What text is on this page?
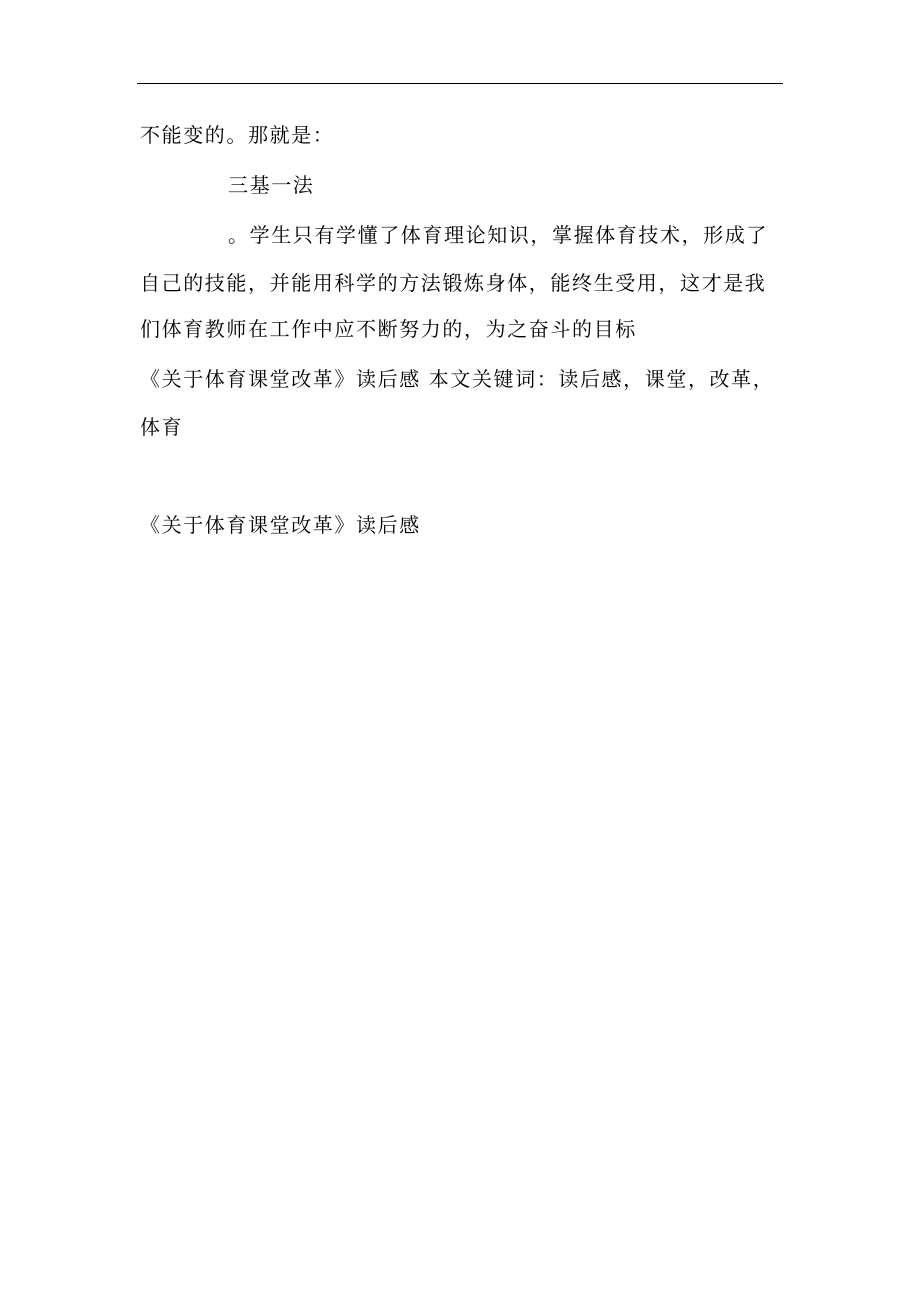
不能变的。那就是：
三基一法
。学生只有学懂了体育理论知识，掌握体育技术，形成了
自己的技能，并能用科学的方法锻炼身体，能终生受用，这才是我
们体育教师在工作中应不断努力的，为之奋斗的目标
《关于体育课堂改革》读后感 本文关键词：读后感，课堂，改革，
体育
《关于体育课堂改革》读后感
